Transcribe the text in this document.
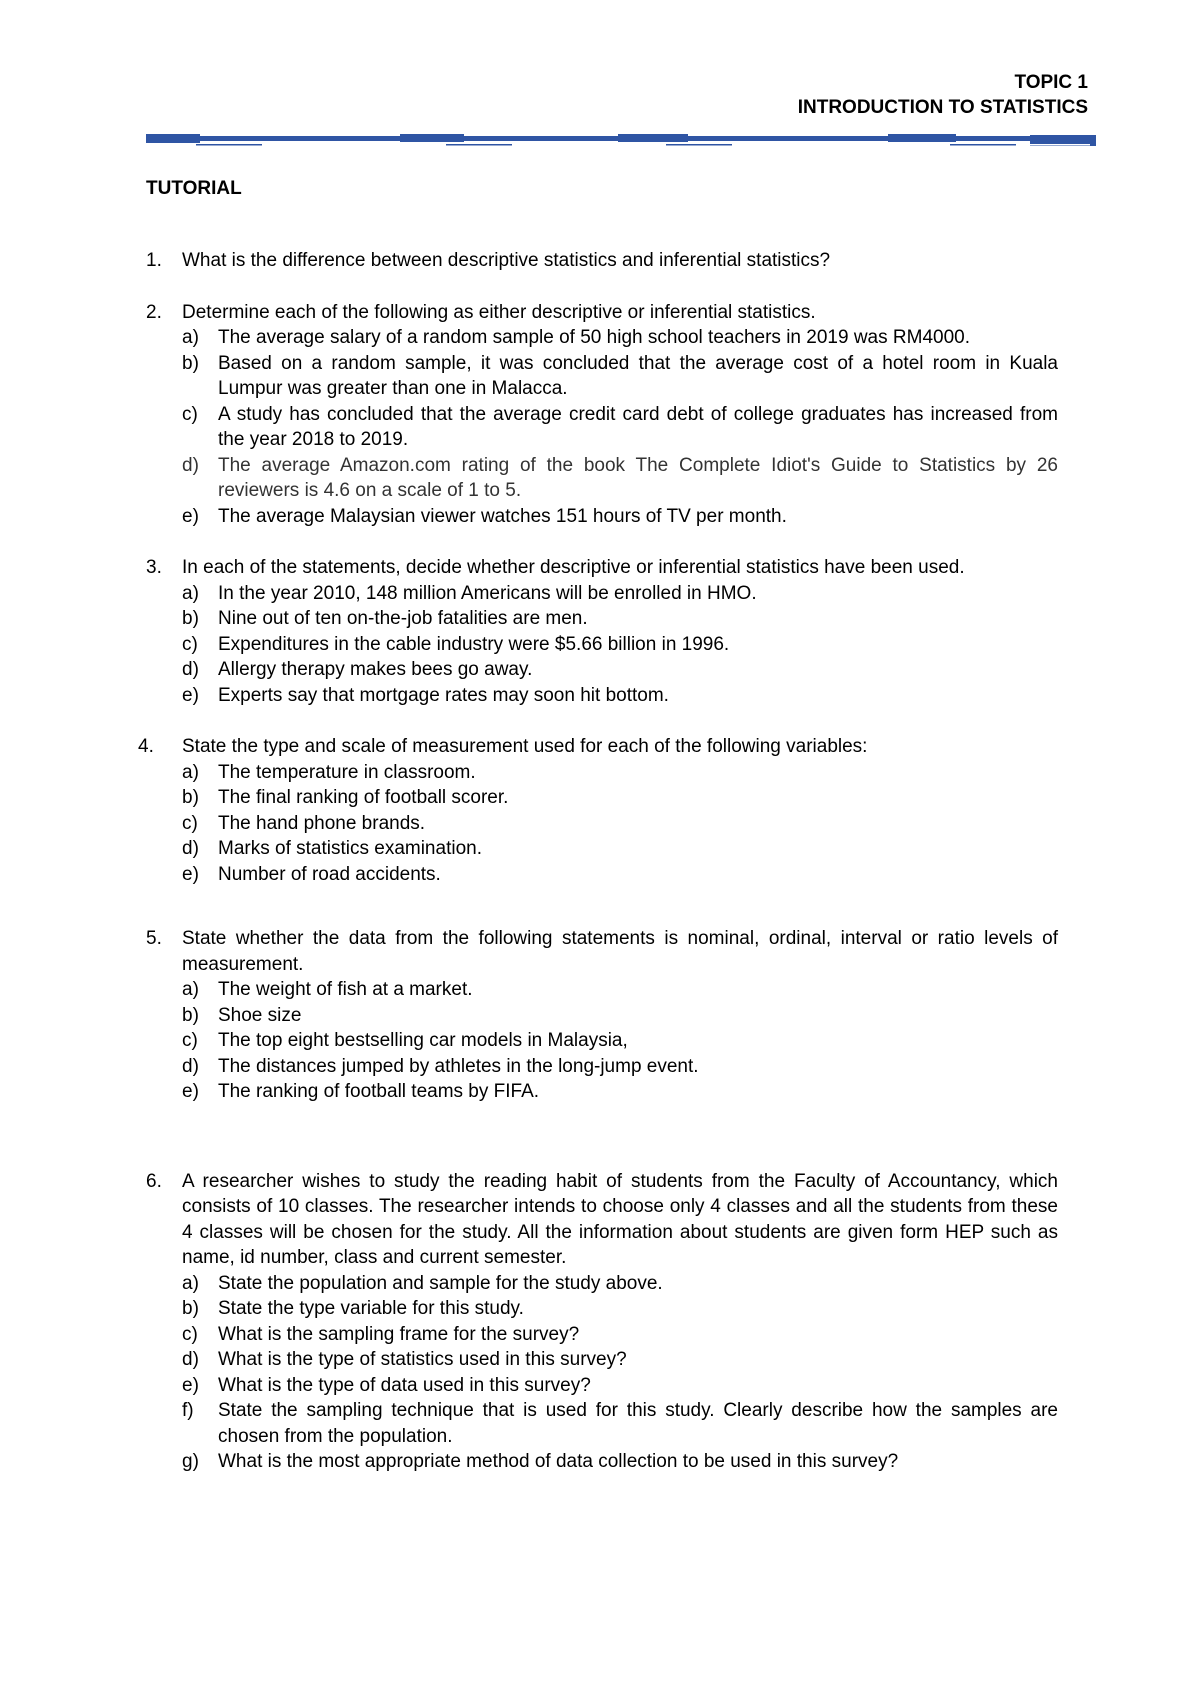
TOPIC 1
INTRODUCTION TO STATISTICS
TUTORIAL
1. What is the difference between descriptive statistics and inferential statistics?
2. Determine each of the following as either descriptive or inferential statistics.
a) The average salary of a random sample of 50 high school teachers in 2019 was RM4000.
b) Based on a random sample, it was concluded that the average cost of a hotel room in Kuala Lumpur was greater than one in Malacca.
c) A study has concluded that the average credit card debt of college graduates has increased from the year 2018 to 2019.
d) The average Amazon.com rating of the book The Complete Idiot's Guide to Statistics by 26 reviewers is 4.6 on a scale of 1 to 5.
e) The average Malaysian viewer watches 151 hours of TV per month.
3. In each of the statements, decide whether descriptive or inferential statistics have been used.
a) In the year 2010, 148 million Americans will be enrolled in HMO.
b) Nine out of ten on-the-job fatalities are men.
c) Expenditures in the cable industry were $5.66 billion in 1996.
d) Allergy therapy makes bees go away.
e) Experts say that mortgage rates may soon hit bottom.
4. State the type and scale of measurement used for each of the following variables:
a) The temperature in classroom.
b) The final ranking of football scorer.
c) The hand phone brands.
d) Marks of statistics examination.
e) Number of road accidents.
5. State whether the data from the following statements is nominal, ordinal, interval or ratio levels of measurement.
a) The weight of fish at a market.
b) Shoe size
c) The top eight bestselling car models in Malaysia,
d) The distances jumped by athletes in the long-jump event.
e) The ranking of football teams by FIFA.
6. A researcher wishes to study the reading habit of students from the Faculty of Accountancy, which consists of 10 classes. The researcher intends to choose only 4 classes and all the students from these 4 classes will be chosen for the study. All the information about students are given form HEP such as name, id number, class and current semester.
a) State the population and sample for the study above.
b) State the type variable for this study.
c) What is the sampling frame for the survey?
d) What is the type of statistics used in this survey?
e) What is the type of data used in this survey?
f) State the sampling technique that is used for this study. Clearly describe how the samples are chosen from the population.
g) What is the most appropriate method of data collection to be used in this survey?
